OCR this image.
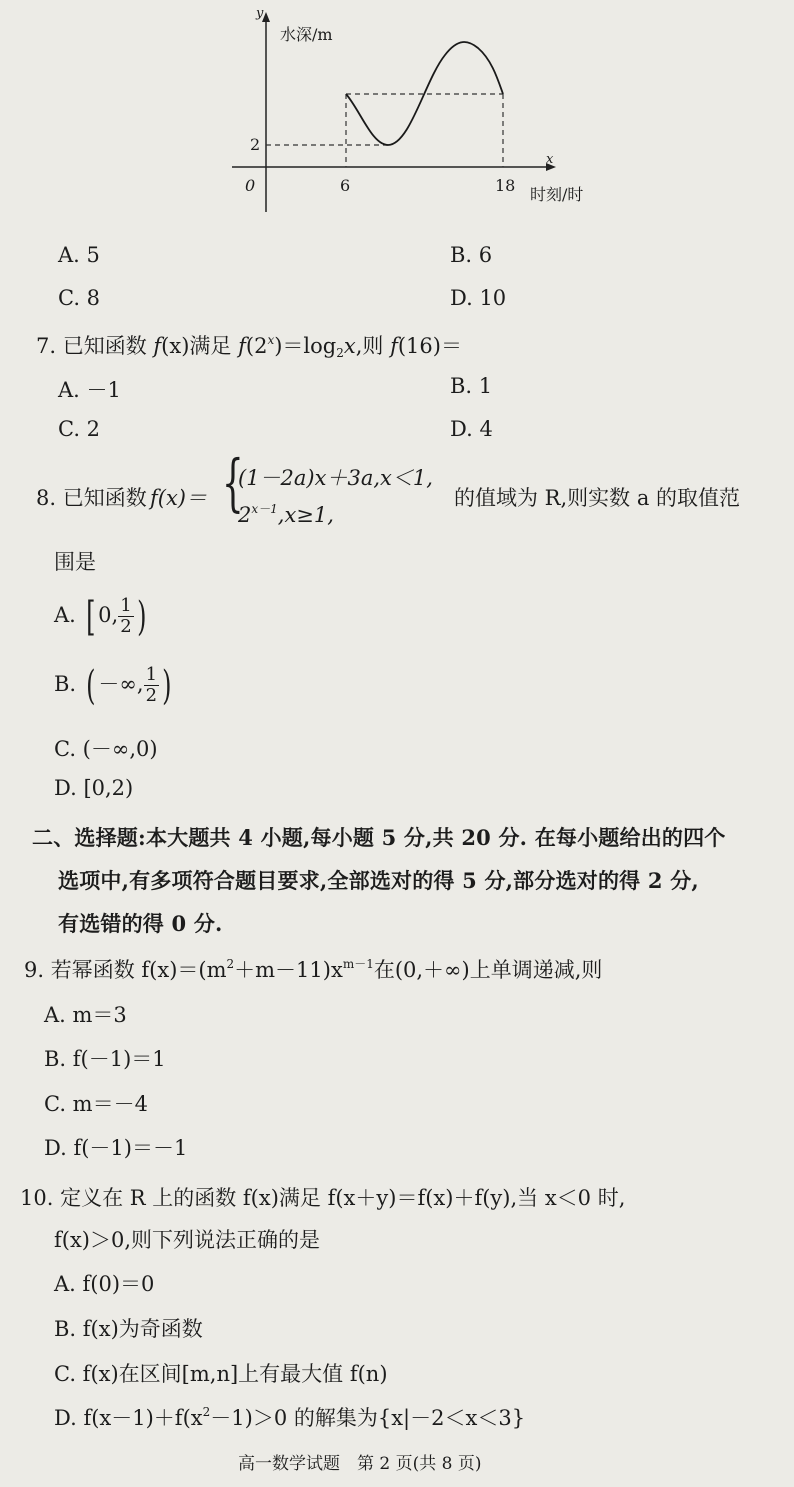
y
水深/m
x
时刻/时
0	6	18
2
A. 5	B. 6
C. 8	D. 10
7. 已知函数 f(x)满足 $f(2^x)=\log_2x$,则 f(16)＝
A. －1	B. 1
C. 2	D. 4
8. 已知函数 f(x)＝ {
(1－2a)x＋3a,x＜1,
$2^{x-1},x\ge 1$,
的值域为 R,则实数 a 的取值范
围是
A. [ 0, $\frac{1}{2}$ )
B. ( －∞, $\frac{1}{2}$ )
C. (－∞,0)
D. [0,2)
二、选择题:本大题共 4 小题,每小题 5 分,共 20 分. 在每小题给出的四个
选项中,有多项符合题目要求,全部选对的得 5 分,部分选对的得 2 分,
有选错的得 0 分.
9. 若幂函数 $f(x)=(m^2+m-11)x^{m-1}$在(0,＋∞)上单调递减,则
A. m＝3
B. f(－1)＝1
C. m＝－4
D. f(－1)＝－1
10. 定义在 R 上的函数 f(x)满足 f(x＋y)＝f(x)＋f(y),当 x＜0 时,
f(x)＞0,则下列说法正确的是
A. f(0)＝0
B. f(x)为奇函数
C. f(x)在区间[m,n]上有最大值 f(n)
D. $f(x-1)+f(x^2-1)>0$ 的解集为{x|－2＜x＜3}
高一数学试题　第 2 页(共 8 页)
